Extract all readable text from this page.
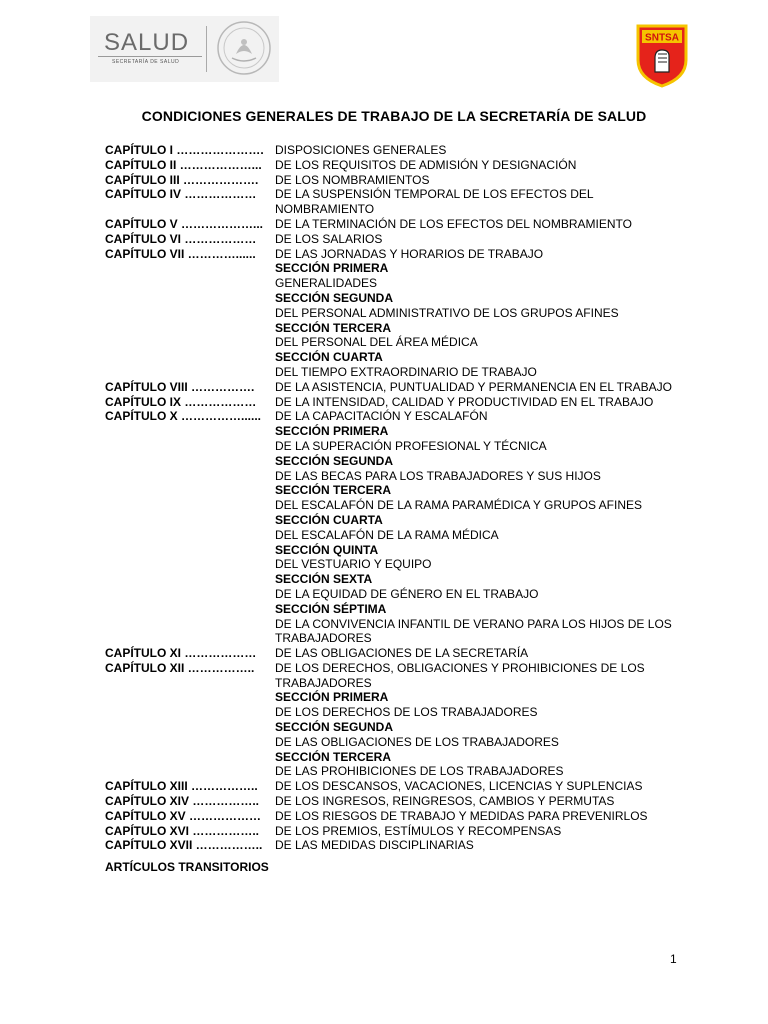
SALUD
SECRETARÍA DE SALUD
SNTSA
CONDICIONES GENERALES DE TRABAJO DE LA SECRETARÍA DE SALUD
CAPÍTULO I …………………. DISPOSICIONES GENERALES
CAPÍTULO II ………………...	DE LOS REQUISITOS DE ADMISIÓN Y DESIGNACIÓN
CAPÍTULO III ……………….	DE LOS NOMBRAMIENTOS
CAPÍTULO IV ………………	DE LA SUSPENSIÓN TEMPORAL DE LOS EFECTOS DEL NOMBRAMIENTO
CAPÍTULO V ………………... DE LA TERMINACIÓN DE LOS EFECTOS DEL NOMBRAMIENTO
CAPÍTULO VI ………………	DE LOS SALARIOS
CAPÍTULO VII …………......	DE LAS JORNADAS Y HORARIOS DE TRABAJO
SECCIÓN PRIMERA
GENERALIDADES
SECCIÓN SEGUNDA
DEL PERSONAL ADMINISTRATIVO DE LOS GRUPOS AFINES
SECCIÓN TERCERA
DEL PERSONAL DEL ÁREA MÉDICA
SECCIÓN CUARTA
DEL TIEMPO EXTRAORDINARIO DE TRABAJO
CAPÍTULO VIII …………….	DE LA ASISTENCIA, PUNTUALIDAD Y PERMANENCIA EN EL TRABAJO
CAPÍTULO IX ………………	DE LA INTENSIDAD, CALIDAD Y PRODUCTIVIDAD EN EL TRABAJO
CAPÍTULO X ……………......	DE LA CAPACITACIÓN Y ESCALAFÓN
SECCIÓN PRIMERA
DE LA SUPERACIÓN PROFESIONAL Y TÉCNICA
SECCIÓN SEGUNDA
DE LAS BECAS PARA LOS TRABAJADORES Y SUS HIJOS
SECCIÓN TERCERA
DEL ESCALAFÓN DE LA RAMA PARAMÉDICA Y GRUPOS AFINES
SECCIÓN CUARTA
DEL ESCALAFÓN DE LA RAMA MÉDICA
SECCIÓN QUINTA
DEL VESTUARIO Y EQUIPO
SECCIÓN SEXTA
DE LA EQUIDAD DE GÉNERO EN EL TRABAJO
SECCIÓN SÉPTIMA
DE LA CONVIVENCIA INFANTIL DE VERANO PARA LOS HIJOS DE LOS TRABAJADORES
CAPÍTULO XI ………………	DE LAS OBLIGACIONES DE LA SECRETARÍA
CAPÍTULO XII ……………..	DE LOS DERECHOS, OBLIGACIONES Y PROHIBICIONES DE LOS TRABAJADORES
SECCIÓN PRIMERA
DE LOS DERECHOS DE LOS TRABAJADORES
SECCIÓN SEGUNDA
DE LAS OBLIGACIONES DE LOS TRABAJADORES
SECCIÓN TERCERA
DE LAS PROHIBICIONES DE LOS TRABAJADORES
CAPÍTULO XIII ……………..	DE LOS DESCANSOS, VACACIONES, LICENCIAS Y SUPLENCIAS
CAPÍTULO XIV ……………..	DE LOS INGRESOS, REINGRESOS, CAMBIOS Y PERMUTAS
CAPÍTULO XV ………………	DE LOS RIESGOS DE TRABAJO Y MEDIDAS PARA PREVENIRLOS
CAPÍTULO XVI ……………..	DE LOS PREMIOS, ESTÍMULOS Y RECOMPENSAS
CAPÍTULO XVII ……………..	DE LAS MEDIDAS DISCIPLINARIAS
ARTÍCULOS TRANSITORIOS
1
